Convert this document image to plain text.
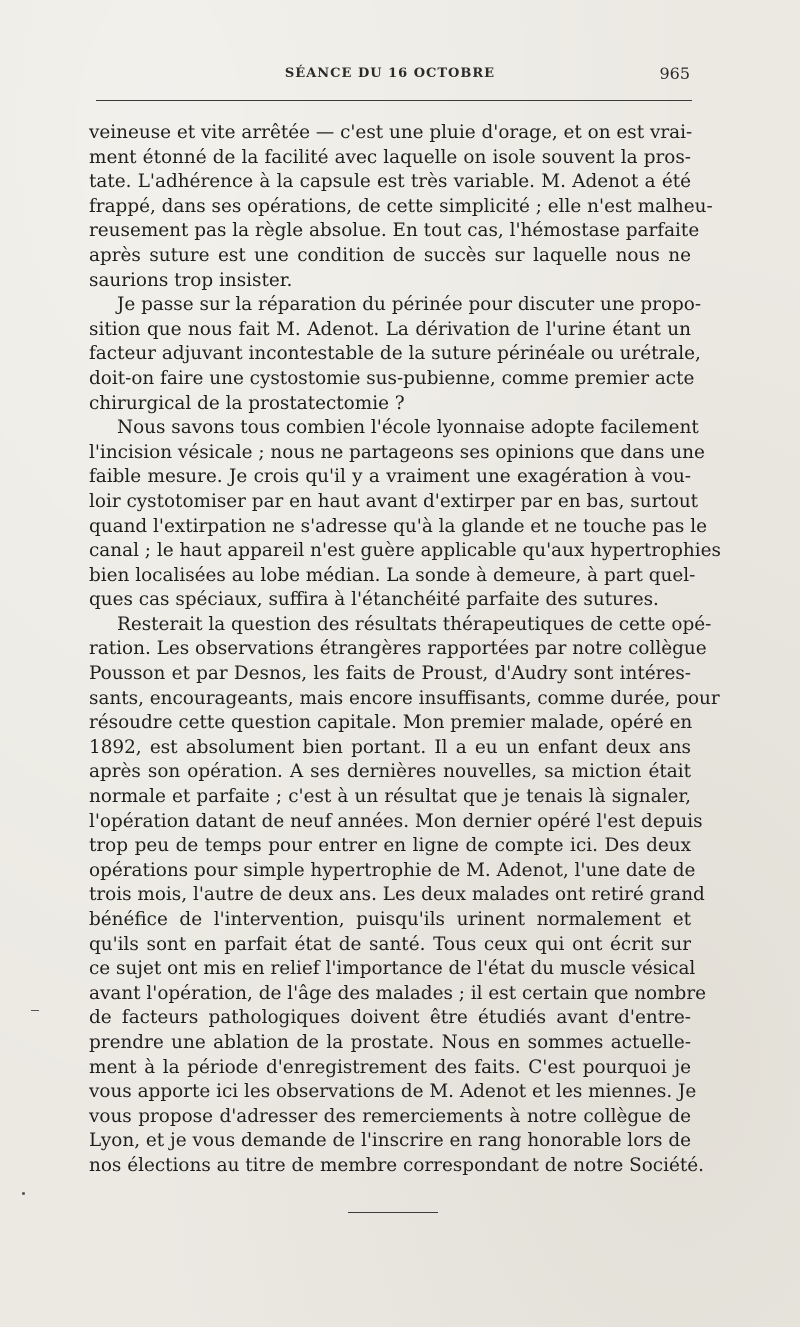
SÉANCE DU 16 OCTOBRE	965
veineuse et vite arrêtée — c'est une pluie d'orage, et on est vrai-
ment étonné de la facilité avec laquelle on isole souvent la pros-
tate. L'adhérence à la capsule est très variable. M. Adenot a été
frappé, dans ses opérations, de cette simplicité ; elle n'est malheu-
reusement pas la règle absolue. En tout cas, l'hémostase parfaite
après suture est une condition de succès sur laquelle nous ne
saurions trop insister.
Je passe sur la réparation du périnée pour discuter une propo-
sition que nous fait M. Adenot. La dérivation de l'urine étant un
facteur adjuvant incontestable de la suture périnéale ou urétrale,
doit-on faire une cystostomie sus-pubienne, comme premier acte
chirurgical de la prostatectomie ?
Nous savons tous combien l'école lyonnaise adopte facilement
l'incision vésicale ; nous ne partageons ses opinions que dans une
faible mesure. Je crois qu'il y a vraiment une exagération à vou-
loir cystotomiser par en haut avant d'extirper par en bas, surtout
quand l'extirpation ne s'adresse qu'à la glande et ne touche pas le
canal ; le haut appareil n'est guère applicable qu'aux hypertrophies
bien localisées au lobe médian. La sonde à demeure, à part quel-
ques cas spéciaux, suffira à l'étanchéité parfaite des sutures.
Resterait la question des résultats thérapeutiques de cette opé-
ration. Les observations étrangères rapportées par notre collègue
Pousson et par Desnos, les faits de Proust, d'Audry sont intéres-
sants, encourageants, mais encore insuffisants, comme durée, pour
résoudre cette question capitale. Mon premier malade, opéré en
1892, est absolument bien portant. Il a eu un enfant deux ans
après son opération. A ses dernières nouvelles, sa miction était
normale et parfaite ; c'est à un résultat que je tenais là signaler,
l'opération datant de neuf années. Mon dernier opéré l'est depuis
trop peu de temps pour entrer en ligne de compte ici. Des deux
opérations pour simple hypertrophie de M. Adenot, l'une date de
trois mois, l'autre de deux ans. Les deux malades ont retiré grand
bénéfice de l'intervention, puisqu'ils urinent normalement et
qu'ils sont en parfait état de santé. Tous ceux qui ont écrit sur
ce sujet ont mis en relief l'importance de l'état du muscle vésical
avant l'opération, de l'âge des malades ; il est certain que nombre
de facteurs pathologiques doivent être étudiés avant d'entre-
prendre une ablation de la prostate. Nous en sommes actuelle-
ment à la période d'enregistrement des faits. C'est pourquoi je
vous apporte ici les observations de M. Adenot et les miennes. Je
vous propose d'adresser des remerciements à notre collègue de
Lyon, et je vous demande de l'inscrire en rang honorable lors de
nos élections au titre de membre correspondant de notre Société.
